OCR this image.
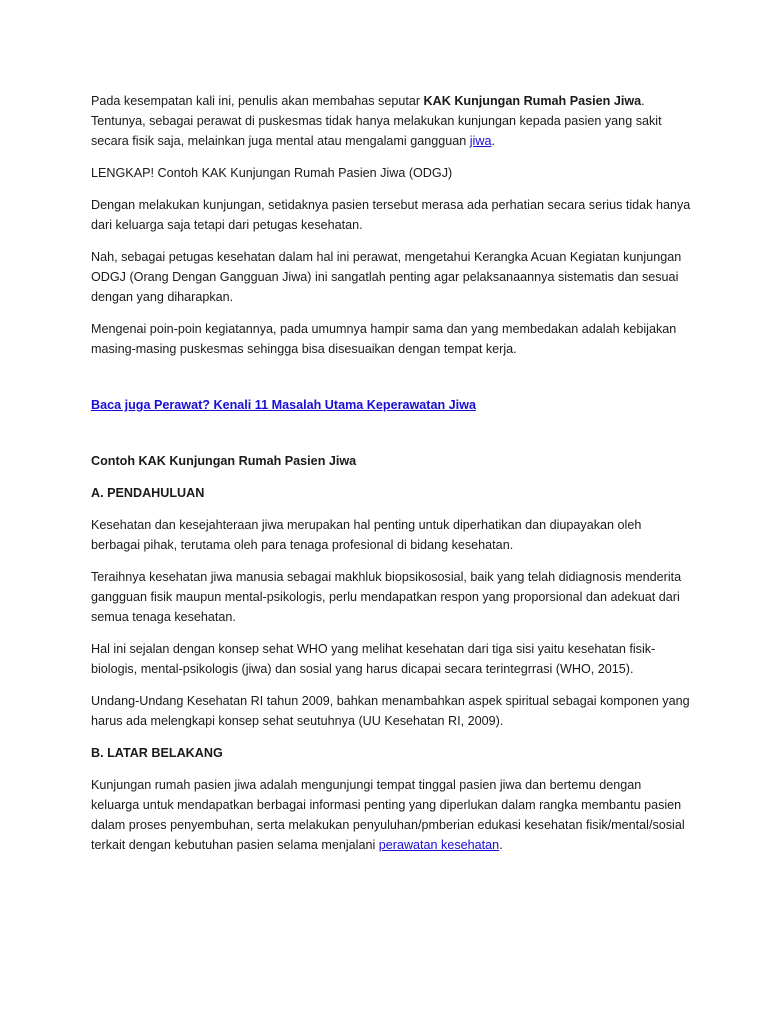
Pada kesempatan kali ini, penulis akan membahas seputar KAK Kunjungan Rumah Pasien Jiwa. Tentunya, sebagai perawat di puskesmas tidak hanya melakukan kunjungan kepada pasien yang sakit secara fisik saja, melainkan juga mental atau mengalami gangguan jiwa.

LENGKAP! Contoh KAK Kunjungan Rumah Pasien Jiwa (ODGJ)

Dengan melakukan kunjungan, setidaknya pasien tersebut merasa ada perhatian secara serius tidak hanya dari keluarga saja tetapi dari petugas kesehatan.

Nah, sebagai petugas kesehatan dalam hal ini perawat, mengetahui Kerangka Acuan Kegiatan kunjungan ODGJ (Orang Dengan Gangguan Jiwa) ini sangatlah penting agar pelaksanaannya sistematis dan sesuai dengan yang diharapkan.

Mengenai poin-poin kegiatannya, pada umumnya hampir sama dan yang membedakan adalah kebijakan masing-masing puskesmas sehingga bisa disesuaikan dengan tempat kerja.

Baca juga Perawat? Kenali 11 Masalah Utama Keperawatan Jiwa

Contoh KAK Kunjungan Rumah Pasien Jiwa

A. PENDAHULUAN

Kesehatan dan kesejahteraan jiwa merupakan hal penting untuk diperhatikan dan diupayakan oleh berbagai pihak, terutama oleh para tenaga profesional di bidang kesehatan.

Teraihnya kesehatan jiwa manusia sebagai makhluk biopsikososial, baik yang telah didiagnosis menderita gangguan fisik maupun mental-psikologis, perlu mendapatkan respon yang proporsional dan adekuat dari semua tenaga kesehatan.

Hal ini sejalan dengan konsep sehat WHO yang melihat kesehatan dari tiga sisi yaitu kesehatan fisik-biologis, mental-psikologis (jiwa) dan sosial yang harus dicapai secara terintegrrasi (WHO, 2015).

Undang-Undang Kesehatan RI tahun 2009, bahkan menambahkan aspek spiritual sebagai komponen yang harus ada melengkapi konsep sehat seutuhnya (UU Kesehatan RI, 2009).

B. LATAR BELAKANG

Kunjungan rumah pasien jiwa adalah mengunjungi tempat tinggal pasien jiwa dan bertemu dengan keluarga untuk mendapatkan berbagai informasi penting yang diperlukan dalam rangka membantu pasien dalam proses penyembuhan, serta melakukan penyuluhan/pmberian edukasi kesehatan fisik/mental/sosial terkait dengan kebutuhan pasien selama menjalani perawatan kesehatan.
